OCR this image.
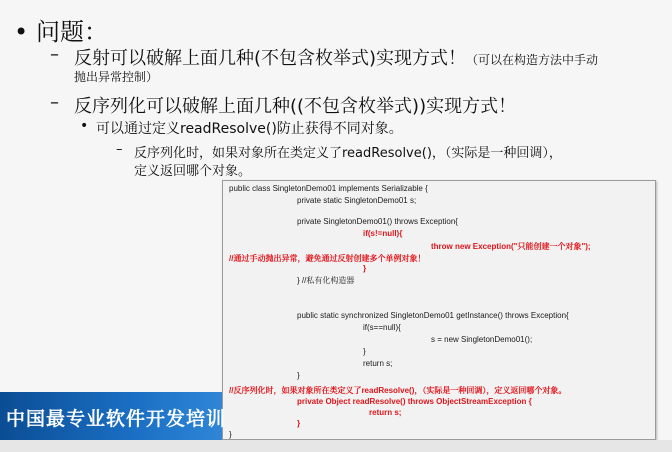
• 问题：
– 反射可以破解上面几种(不包含枚举式)实现方式！（可以在构造方法中手动
抛出异常控制）
– 反序列化可以破解上面几种((不包含枚举式))实现方式！
• 可以通过定义readResolve()防止获得不同对象。
– 反序列化时，如果对象所在类定义了readResolve()，（实际是一种回调），
定义返回哪个对象。
public class SingletonDemo01 implements Serializable {
private static SingletonDemo01 s;
private SingletonDemo01() throws Exception{
if(s!=null){
throw new Exception("只能创建一个对象");
//通过手动抛出异常，避免通过反射创建多个单例对象！
}
} //私有化构造器
public static synchronized SingletonDemo01 getInstance() throws Exception{
if(s==null){
s = new SingletonDemo01();
}
return s;
}
//反序列化时，如果对象所在类定义了readResolve()，（实际是一种回调），定义返回哪个对象。
private Object readResolve() throws ObjectStreamException {
return s;
}
}
中国最专业软件开发培训
